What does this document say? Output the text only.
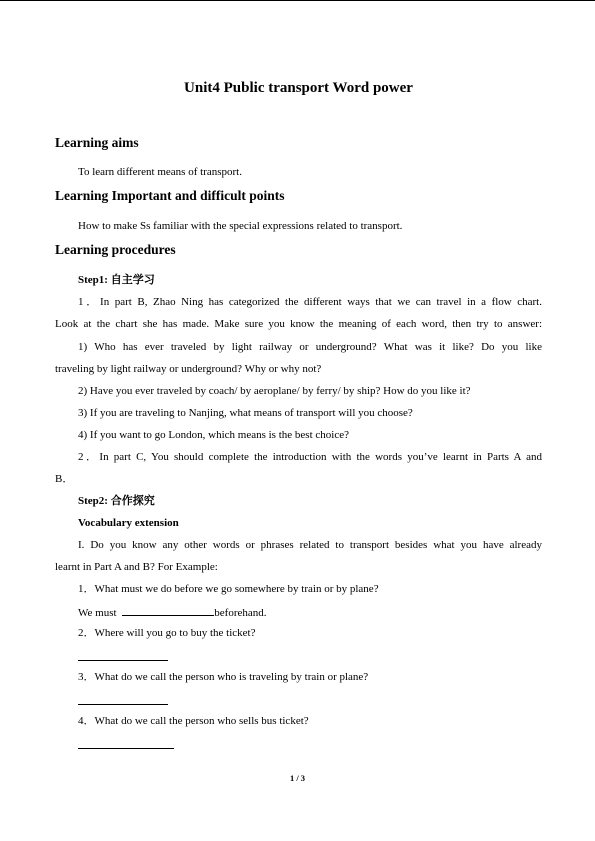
Unit4 Public transport Word power
Learning aims
To learn different means of transport.
Learning Important and difficult points
How to make Ss familiar with the special expressions related to transport.
Learning procedures
Step1: 自主学习
1．In part B, Zhao Ning has categorized the different ways that we can travel in a flow chart.
Look at the chart she has made. Make sure you know the meaning of each word, then try to answer:
1) Who has ever traveled by light railway or underground? What was it like? Do you like
traveling by light railway or underground? Why or why not?
2) Have you ever traveled by coach/ by aeroplane/ by ferry/ by ship? How do you like it?
3) If you are traveling to Nanjing, what means of transport will you choose?
4) If you want to go London, which means is the best choice?
2．In part C, You should complete the introduction with the words you’ve learnt in Parts A and
B．
Step2: 合作探究
Vocabulary extension
I. Do you know any other words or phrases related to transport besides what you have already
learnt in Part A and B? For Example:
1．What must we do before we go somewhere by train or by plane?
We must	beforehand.
2．Where will you go to buy the ticket?
3．What do we call the person who is traveling by train or plane?
4．What do we call the person who sells bus ticket?
1 / 3
